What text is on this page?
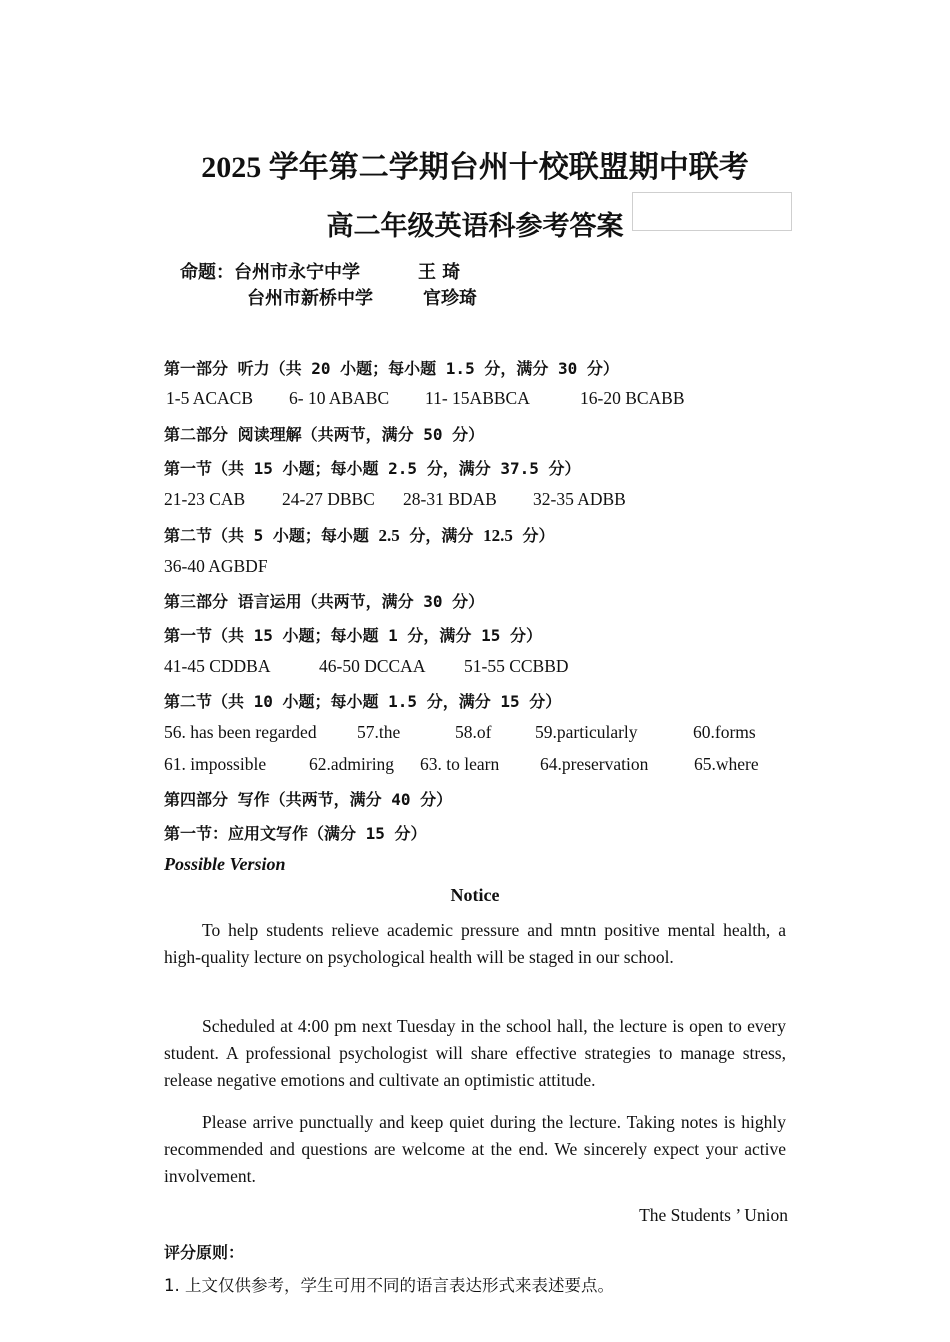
2025 学年第二学期台州十校联盟期中联考
高二年级英语科参考答案
命题：台州市永宁中学	王 琦
台州市新桥中学	官珍琦
第一部分 听力（共 20 小题；每小题 1.5 分，满分 30 分）
1-5 ACACB 6- 10 ABABC 11- 15ABBCA	16-20 BCABB
第二部分 阅读理解（共两节，满分 50 分）
第一节（共 15 小题；每小题 2.5 分，满分 37.5 分）
21-23 CAB 24-27 DBBC 28-31 BDAB 32-35 ADBB
第二节（共 5 小题；每小题 2.5 分，满分 12.5 分）
36-40 AGBDF
第三部分 语言运用（共两节，满分 30 分）
第一节（共 15 小题；每小题 1 分，满分 15 分）
41-45 CDDBA	46-50 DCCAA 51-55 CCBBD
第二节（共 10 小题；每小题 1.5 分，满分 15 分）
56. has been regarded 57.the	58.of 59.particularly	60.forms
61. impossible 62.admiring 63. to learn 64.preservation	65.where
第四部分 写作（共两节，满分 40 分）
第一节：应用文写作（满分 15 分）
Possible Version
Notice
To help students relieve academic pressure and mntn positive mental health, a high-quality lecture on psychological health will be staged in our school.
Scheduled at 4:00 pm next Tuesday in the school hall, the lecture is open to every student. A professional psychologist will share effective strategies to manage stress, release negative emotions and cultivate an optimistic attitude.
Please arrive punctually and keep quiet during the lecture. Taking notes is highly recommended and questions are welcome at the end. We sincerely expect your active involvement.
The Students ’ Union
评分原则：
1. 上文仅供参考，学生可用不同的语言表达形式来表述要点。
